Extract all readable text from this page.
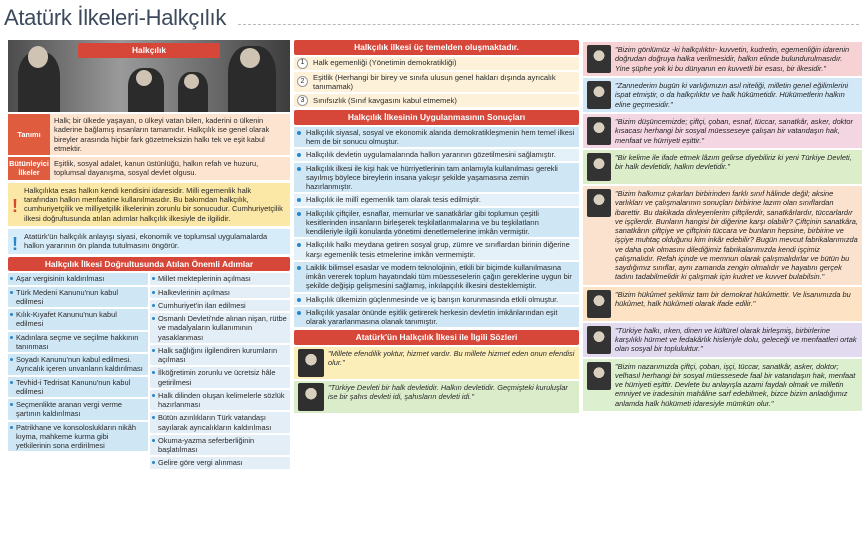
Atatürk İlkeleri-Halkçılık
Halkçılık
Tanımı
Halk; bir ülkede yaşayan, o ülkeyi vatan bilen, kaderini o ülkenin kaderine bağlamış insanların tamamıdır. Halkçılık ise genel olarak bireyler arasında hiçbir fark gözetmeksizin halkı tek ve eşit kabul etmektir.
Bütünleyici İlkeler
Eşitlik, sosyal adalet, kanun üstünlüğü, halkın refah ve huzuru, toplumsal dayanışma, sosyal devlet olgusu.
!
Halkçılıkta esas halkın kendi kendisini idaresidir. Milli egemenlik halk tarafından halkın menfaatine kullanılmasıdır. Bu bakımdan halkçılık, cumhuriyetçilik ve milliyetçilik ilkelerinin zorunlu bir sonucudur. Cumhuriyetçilik ilkesi doğrultusunda atılan adımlar halkçılık ilkesiyle de ilgilidir.
! Atatürk'ün halkçılık anlayışı siyasi, ekonomik ve toplumsal uygulamalarda halkın yararının ön planda tutulmasını öngörür.
Halkçılık İlkesi Doğrultusunda Atılan Önemli Adımlar
Aşar vergisinin kaldırılması
Türk Medeni Kanunu'nun kabul edilmesi
Kılık-Kıyafet Kanunu'nun kabul edilmesi
Kadınlara seçme ve seçilme hakkının tanınması
Soyadı Kanunu'nun kabul edilmesi. Ayrıcalık içeren unvanların kaldırılması
Tevhid-i Tedrisat Kanunu'nun kabul edilmesi
Seçmenlikte aranan vergi verme şartının kaldırılması
Patrikhane ve konsoloslukların nikâh kıyma, mahkeme kurma gibi yetkilerinin sona erdirilmesi
Millet mekteplerinin açılması
Halkevlerinin açılması
Cumhuriyet'in ilan edilmesi
Osmanlı Devleti'nde alınan nişan, rütbe ve madalyaların kullanımının yasaklanması
Halk sağlığını ilgilendiren kurumların açılması
İlköğretimin zorunlu ve ücretsiz hâle getirilmesi
Halk dilinden oluşan kelimelerle sözlük hazırlanması
Bütün azınlıkların Türk vatandaşı sayılarak ayrıcalıkların kaldırılması
Okuma-yazma seferberliğinin başlatılması
Gelire göre vergi alınması
Halkçılık ilkesi üç temelden oluşmaktadır.
1	Halk egemenliği (Yönetimin demokratikliği)
2	Eşitlik (Herhangi bir birey ve sınıfa ulusun genel hakları dışında ayrıcalık tanımamak)
3	Sınıfsızlık (Sınıf kavgasını kabul etmemek)
Halkçılık İlkesinin Uygulanmasının Sonuçları
Halkçılık siyasal, sosyal ve ekonomik alanda demokratikleşmenin hem temel ilkesi hem de bir sonucu olmuştur.
Halkçılık devletin uygulamalarında halkın yararının gözetilmesini sağlamıştır.
Halkçılık ilkesi ile kişi hak ve hürriyetlerinin tam anlamıyla kullanılması gerekli sayılmış böylece bireylerin insana yakışır şekilde yaşamasına zemin hazırlanmıştır.
Halkçılık ile millî egemenlik tam olarak tesis edilmiştir.
Halkçılık çiftçiler, esnaflar, memurlar ve sanatkârlar gibi toplumun çeşitli kesitlerinden insanların birleşerek teşkilatlanmalarına ve bu teşkilatların kendileriyle ilgili konularda yönetimi denetlemelerine imkân vermiştir.
Halkçılık halkı meydana getiren sosyal grup, zümre ve sınıflardan birinin diğerine karşı egemenlik tesis etmelerine imkân vermemiştir.
Laiklik bilimsel esaslar ve modern teknolojinin, etkili bir biçimde kullanılmasına imkân vererek toplum hayatındaki tüm müesseselerin çağın gereklerine uygun bir şekilde değişip gelişmesini sağlamış, inkılapçılık ilkesini desteklemiştir.
Halkçılık ülkemizin güçlenmesinde ve iç barışın korunmasında etkili olmuştur.
Halkçılık yasalar önünde eşitlik getirerek herkesin devletin imkânlarından eşit olarak yararlanmasına olanak tanımıştır.
Atatürk'ün Halkçılık İlkesi ile İlgili Sözleri
"Millete efendilik yoktur, hizmet vardır. Bu millete hizmet eden onun efendisi olur."
"Türkiye Devleti bir halk devletidir. Halkın devletidir. Geçmişteki kuruluşlar ise bir şahıs devleti idi, şahısların devleti idi."
"Bizim gönlümüz -ki halkçılıktır- kuvvetin, kudretin, egemenliğin idarenin doğrudan doğruya halka verilmesidir, halkın elinde bulundurulmasıdır. Yine şüphe yok ki bu dünyanın en kuvvetli bir esası, bir ilkesidir."
"Zannederim bugün ki varlığımızın asıl niteliği, milletin genel eğilimlerini ispat etmiştir, o da halkçılıktır ve halk hükümetidir. Hükümetlerin halkın eline geçmesidir."
"Bizim düşüncemizde; çiftçi, çoban, esnaf, tüccar, sanatkâr, asker, doktor kısacası herhangi bir sosyal müesseseye çalışan bir vatandaşın hak, menfaat ve hürriyeti eşittir."
"Bir kelime ile ifade etmek lâzım gelirse diyebiliriz ki yeni Türkiye Devleti, bir halk devletidir, halkın devletidir."
"Bizim halkımız çıkarları birbirinden farklı sınıf hâlinde değil; aksine varlıkları ve çalışmalarının sonuçları birbirine lazım olan sınıflardan ibarettir. Bu dakikada dinleyenlerim çiftçilerdir, sanatkârlardır, tüccarlardır ve işçilerdir. Bunların hangisi bir diğerine karşı olabilir? Çiftçinin sanatkâra, sanatkârın çiftçiye ve çiftçinin tüccara ve bunların hepsine, birbirine ve işçiye muhtaç olduğunu kim inkâr edebilir? Bugün mevcut fabrikalarımızda ve daha çok olmasını dilediğimiz fabrikalarımızda kendi işçimiz çalışmalıdır. Refah içinde ve memnun olarak çalışmalıdırlar ve bütün bu saydığımız sınıflar, aynı zamanda zengin olmalıdır ve hayatını gerçek tadını tadabilmelidir ki çalışmak için kudret ve kuvvet bulabilsin."
"Bizim hükûmet şeklimiz tam bir demokrat hükûmettir. Ve lisanımızda bu hükûmet, halk hükûmeti olarak ifade edilir."
"Türkiye halkı, ırken, dinen ve kültürel olarak birleşmiş, birbirlerine karşılıklı hürmet ve fedakârlık hisleriyle dolu, geleceği ve menfaatleri ortak olan sosyal bir topluluktur."
"Bizim nazarımızda çiftçi, çoban, işçi, tüccar, sanatkâr, asker, doktor; velhasıl herhangi bir sosyal müessesede faal bir vatandaşın hak, menfaat ve hürriyeti eşittir. Devlete bu anlayışla azami faydalı olmak ve milletin emniyet ve iradesinin mahâline sarf edebilmek, bizce bizim anladığımız anlamda halk hükümeti idaresiyle mümkün olur."
